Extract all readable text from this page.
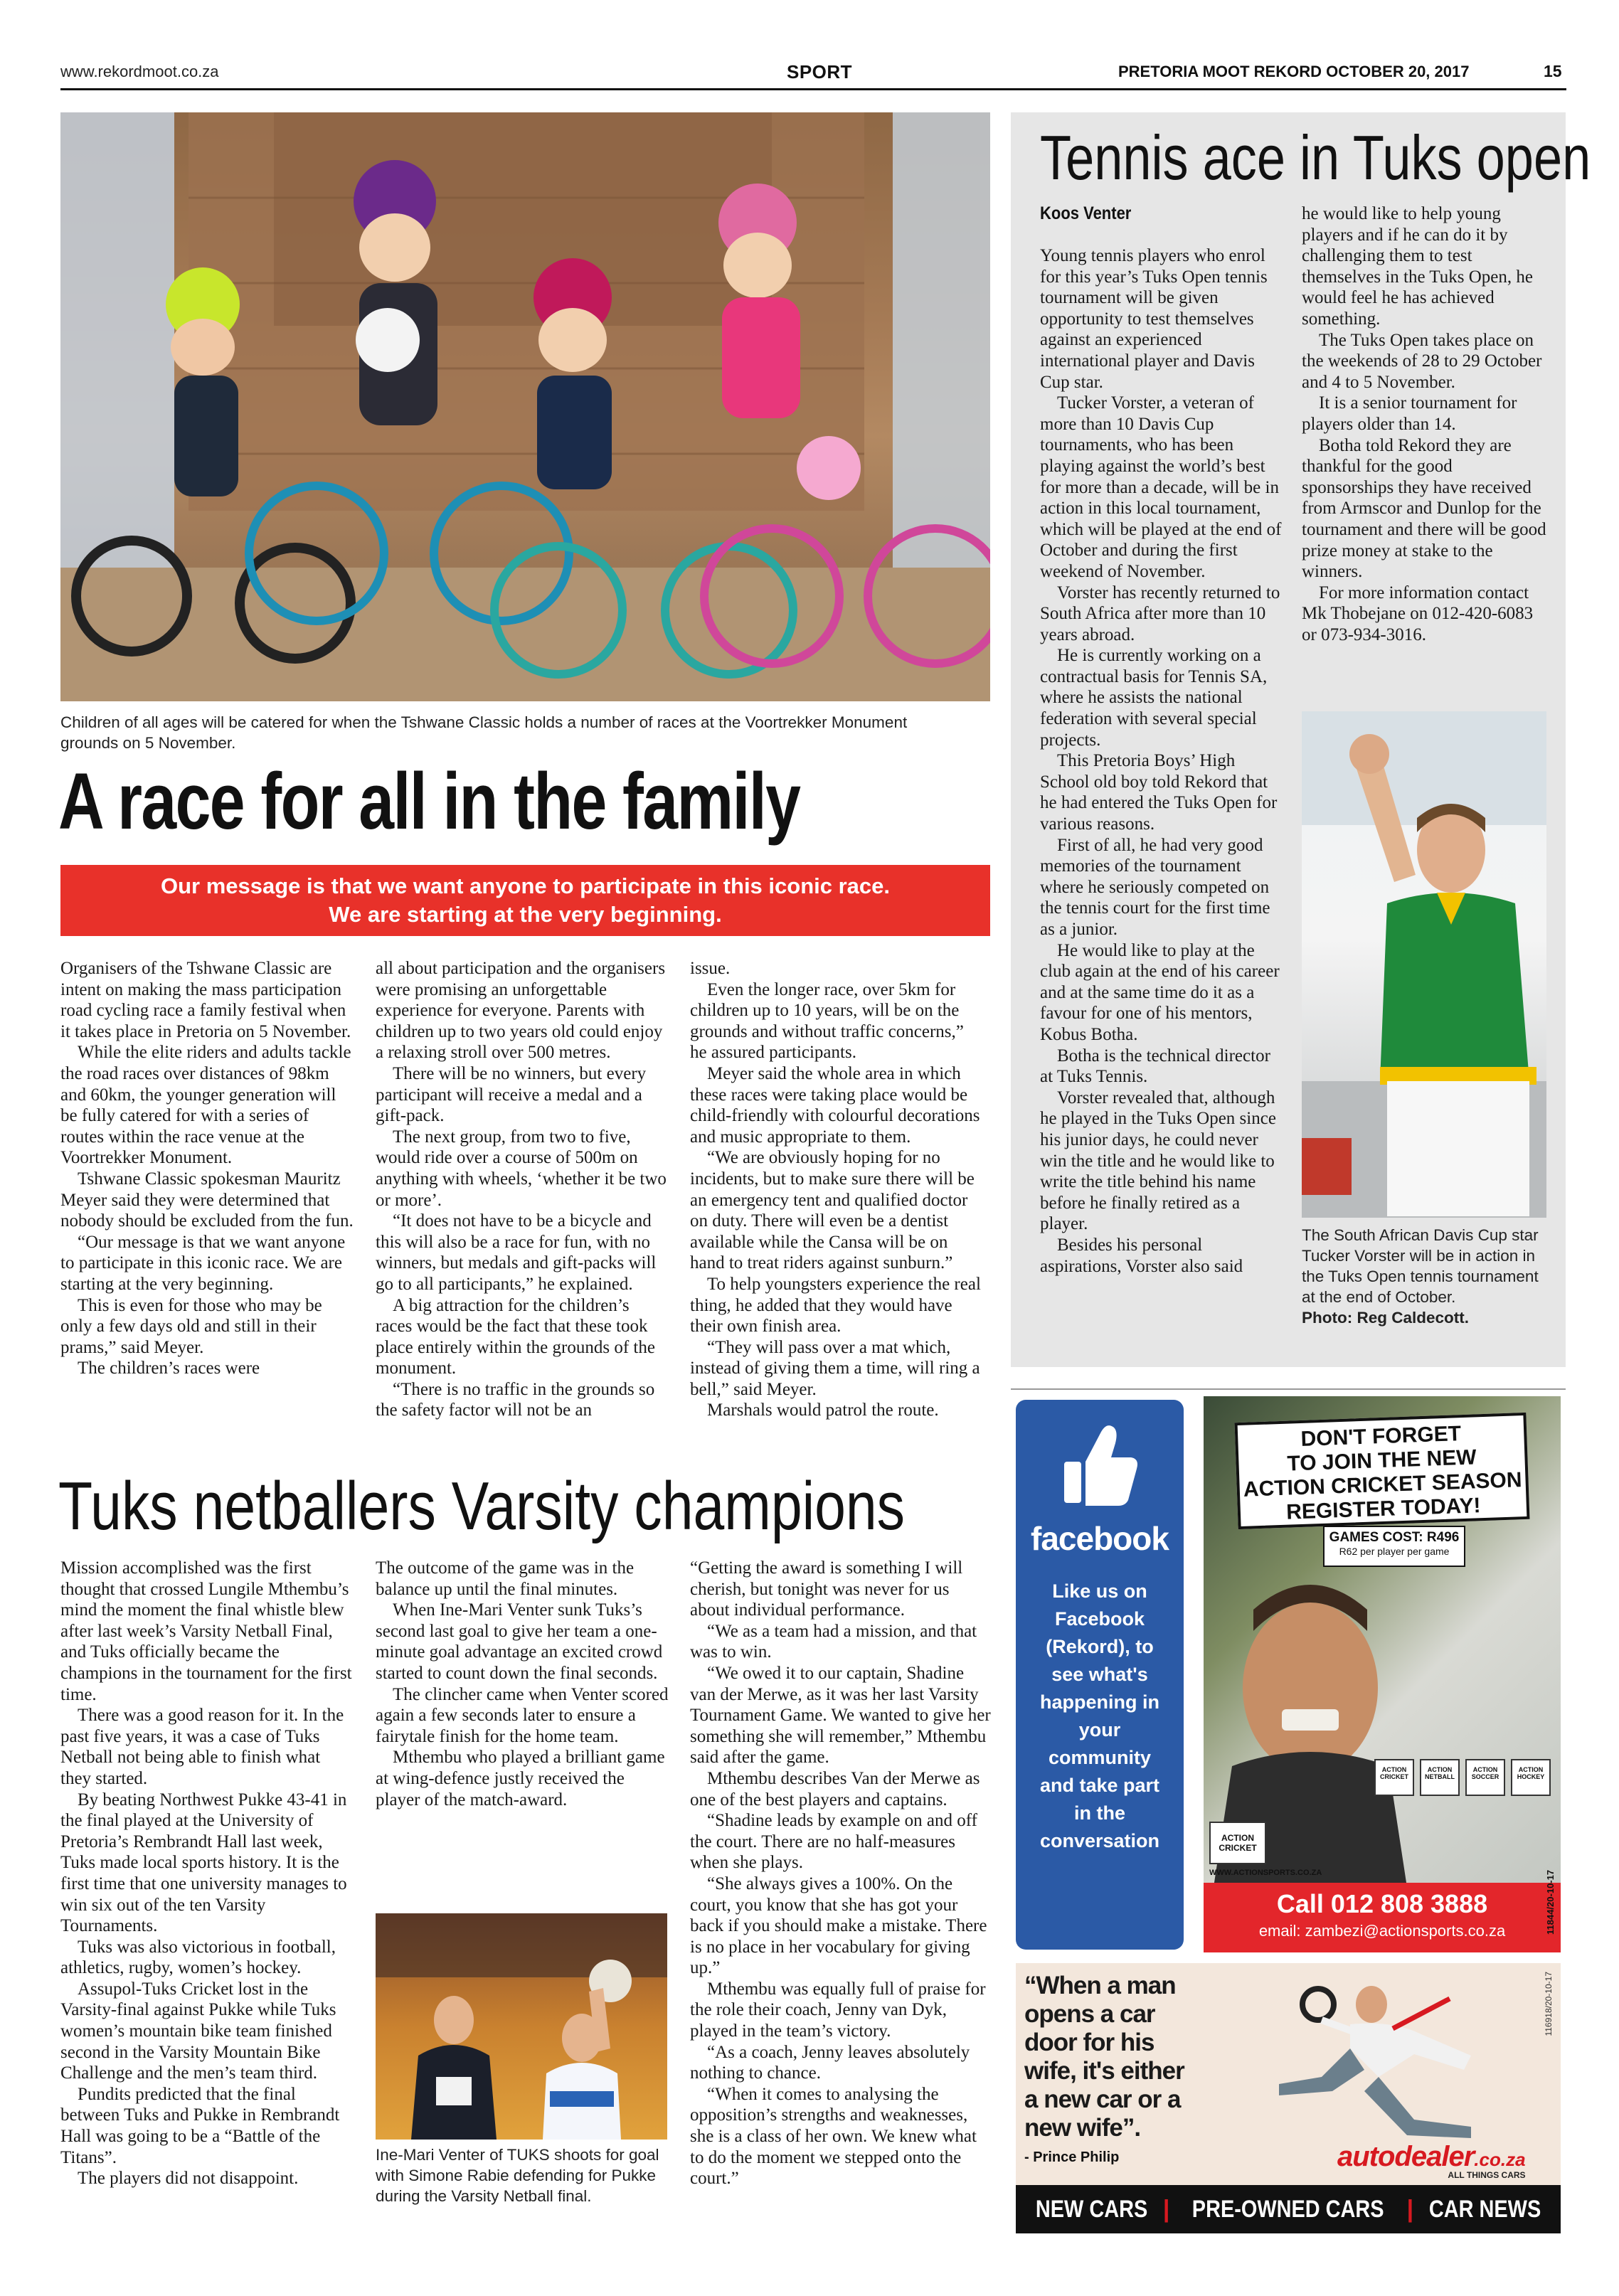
www.rekordmoot.co.za	SPORT	PRETORIA MOOT REKORD OCTOBER 20, 2017	15
Children of all ages will be catered for when the Tshwane Classic holds a number of races at the Voortrekker Monument grounds on 5 November.
A race for all in the family
Our message is that we want anyone to participate in this iconic race.
We are starting at the very beginning.

Organisers of the Tshwane Classic are intent on making the mass participation road cycling race a family festival when it takes place in Pretoria on 5 November.

While the elite riders and adults tackle the road races over distances of 98km and 60km, the younger generation will be fully catered for with a series of routes within the race venue at the Voortrekker Monument.

Tshwane Classic spokesman Mauritz Meyer said they were determined that nobody should be excluded from the fun.

“Our message is that we want anyone to participate in this iconic race. We are starting at the very beginning.

This is even for those who may be only a few days old and still in their prams,” said Meyer.

The children’s races were

all about participation and the organisers were promising an unforgettable experience for everyone. Parents with children up to two years old could enjoy a relaxing stroll over 500 metres.

There will be no winners, but every participant will receive a medal and a gift-pack.

The next group, from two to five, would ride over a course of 500m on anything with wheels, ‘whether it be two or more’.

“It does not have to be a bicycle and this will also be a race for fun, with no winners, but medals and gift-packs will go to all participants,” he explained.

A big attraction for the children’s races would be the fact that these took place entirely within the grounds of the monument.

“There is no traffic in the grounds so the safety factor will not be an

issue.

Even the longer race, over 5km for children up to 10 years, will be on the grounds and without traffic concerns,” he assured participants.

Meyer said the whole area in which these races were taking place would be child-friendly with colourful decorations and music appropriate to them.

“We are obviously hoping for no incidents, but to make sure there will be an emergency tent and qualified doctor on duty. There will even be a dentist available while the Cansa will be on hand to treat riders against sunburn.”

To help youngsters experience the real thing, he added that they would have their own finish area.

“They will pass over a mat which, instead of giving them a time, will ring a bell,” said Meyer.

Marshals would patrol the route.

Tennis ace in Tuks open
Koos Venter

Young tennis players who enrol for this year’s Tuks Open tennis tournament will be given opportunity to test themselves against an experienced international player and Davis Cup star.

Tucker Vorster, a veteran of more than 10 Davis Cup tournaments, who has been playing against the world’s best for more than a decade, will be in action in this local tournament, which will be played at the end of October and during the first weekend of November.

Vorster has recently returned to South Africa after more than 10 years abroad.

He is currently working on a contractual basis for Tennis SA, where he assists the national federation with several special projects.

This Pretoria Boys’ High School old boy told Rekord that he had entered the Tuks Open for various reasons.

First of all, he had very good memories of the tournament where he seriously competed on the tennis court for the first time as a junior.

He would like to play at the club again at the end of his career and at the same time do it as a favour for one of his mentors, Kobus Botha.

Botha is the technical director at Tuks Tennis.

Vorster revealed that, although he played in the Tuks Open since his junior days, he could never win the title and he would like to write the title behind his name before he finally retired as a player.

Besides his personal aspirations, Vorster also said

he would like to help young players and if he can do it by challenging them to test themselves in the Tuks Open, he would feel he has achieved something.

The Tuks Open takes place on the weekends of 28 to 29 October and 4 to 5 November.

It is a senior tournament for players older than 14.

Botha told Rekord they are thankful for the good sponsorships they have received from Armscor and Dunlop for the tournament and there will be good prize money at stake to the winners.

For more information contact Mk Thobejane on 012-420-6083 or 073-934-3016.

The South African Davis Cup star Tucker Vorster will be in action in the Tuks Open tennis tournament at the end of October.
Photo: Reg Caldecott.
Tuks netballers Varsity champions

Mission accomplished was the first thought that crossed Lungile Mthembu’s mind the moment the final whistle blew after last week’s Varsity Netball Final, and Tuks officially became the champions in the tournament for the first time.

There was a good reason for it. In the past five years, it was a case of Tuks Netball not being able to finish what they started.

By beating Northwest Pukke 43-41 in the final played at the University of Pretoria’s Rembrandt Hall last week, Tuks made local sports history. It is the first time that one university manages to win six out of the ten Varsity Tournaments.

Tuks was also victorious in football, athletics, rugby, women’s hockey.

Assupol-Tuks Cricket lost in the Varsity-final against Pukke while Tuks women’s mountain bike team finished second in the Varsity Mountain Bike Challenge and the men’s team third.

Pundits predicted that the final between Tuks and Pukke in Rembrandt Hall was going to be a “Battle of the Titans”.

The players did not disappoint.

The outcome of the game was in the balance up until the final minutes.

When Ine-Mari Venter sunk Tuks’s second last goal to give her team a one-minute goal advantage an excited crowd started to count down the final seconds.

The clincher came when Venter scored again a few seconds later to ensure a fairytale finish for the home team.

Mthembu who played a brilliant game at wing-defence justly received the player of the match-award.

Ine-Mari Venter of TUKS shoots for goal with Simone Rabie defending for Pukke during the Varsity Netball final.

“Getting the award is something I will cherish, but tonight was never for us about individual performance.

“We as a team had a mission, and that was to win.

“We owed it to our captain, Shadine van der Merwe, as it was her last Varsity Tournament Game. We wanted to give her something she will remember,” Mthembu said after the game.

Mthembu describes Van der Merwe as one of the best players and captains.

“Shadine leads by example on and off the court. There are no half-measures when she plays.

“She always gives a 100%. On the court, you know that she has got your back if you should make a mistake. There is no place in her vocabulary for giving up.”

Mthembu was equally full of praise for the role their coach, Jenny van Dyk, played in the team’s victory.

“As a coach, Jenny leaves absolutely nothing to chance.

“When it comes to analysing the opposition’s strengths and weaknesses, she is a class of her own. We knew what to do the moment we stepped onto the court.”

facebook
Like us on Facebook (Rekord), to see what's happening in your community and take part in the conversation
DON'T FORGET
TO JOIN THE NEW
ACTION CRICKET SEASON
REGISTER TODAY!
GAMES COST: R496
R62 per player per game
ACTION CRICKET
ACTION NETBALL
ACTION SOCCER
ACTION HOCKEY
ACTION CRICKET
WWW.ACTIONSPORTS.CO.ZA
Call 012 808 3888
email: zambezi@actionsports.co.za	11844/20-10-17
“When a man opens a car door for his wife, it's either a new car or a new wife”.
- Prince Philip	autodealer.co.za
ALL THINGS CARS
116918/20-10-17
NEW CARS | PRE-OWNED CARS | CAR NEWS
